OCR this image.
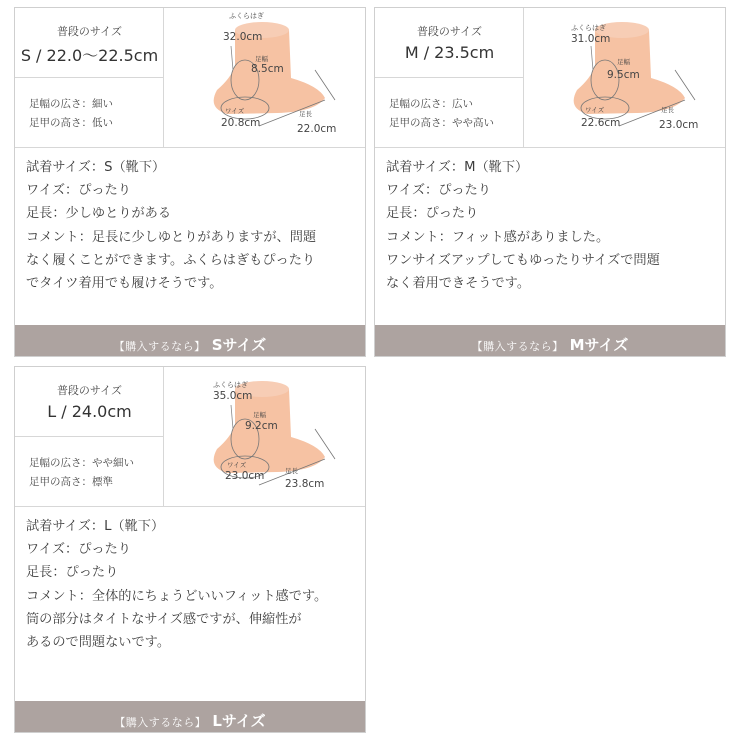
普段のサイズ
S / 22.0〜22.5cm
足幅の広さ：細い
足甲の高さ：低い
ふくらはぎ
32.0cm
足幅
8.5cm
ワイズ
20.8cm
足長
22.0cm

試着サイズ：S（靴下）

ワイズ：ぴったり

足長：少しゆとりがある

コメント：足長に少しゆとりがありますが、問題

なく履くことができます。ふくらはぎもぴったり

でタイツ着用でも履けそうです。

$_{【購入するなら】}$ Sサイズ
普段のサイズ
M / 23.5cm
足幅の広さ：広い
足甲の高さ：やや高い
ふくらはぎ
31.0cm
足幅
9.5cm
ワイズ
22.6cm
足長
23.0cm

試着サイズ：M（靴下）

ワイズ：ぴったり

足長：ぴったり

コメント：フィット感がありました。

ワンサイズアップしてもゆったりサイズで問題

なく着用できそうです。

$_{【購入するなら】}$ Mサイズ
普段のサイズ
L / 24.0cm
足幅の広さ：やや細い
足甲の高さ：標準
ふくらはぎ
35.0cm
足幅
9.2cm
ワイズ
23.0cm	足長
23.8cm

試着サイズ：L（靴下）

ワイズ：ぴったり

足長：ぴったり

コメント：全体的にちょうどいいフィット感です。

筒の部分はタイトなサイズ感ですが、伸縮性が

あるので問題ないです。

$_{【購入するなら】}$ Lサイズ
